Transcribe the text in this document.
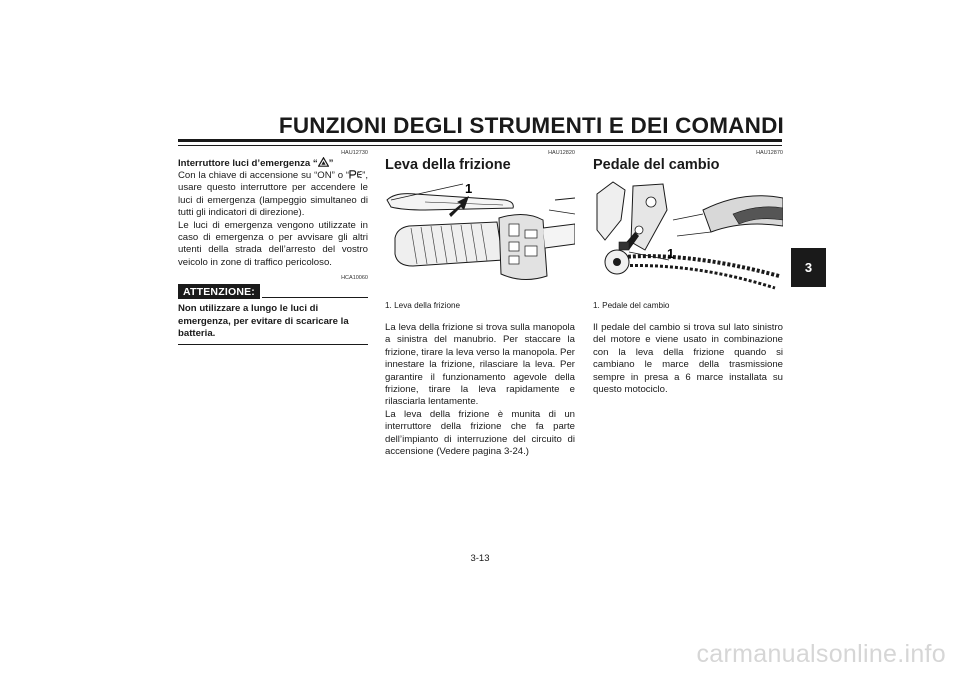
FUNZIONI DEGLI STRUMENTI E DEI COMANDI
3
HAU12730
Interruttore luci d’emergenza “ ”

Con la chiave di accensione su “ON” o “ ”, usare questo interruttore per accendere le luci di emergenza (lampeggio simultaneo di tutti gli indicatori di direzione).

Le luci di emergenza vengono utilizzate in caso di emergenza o per avvisare gli altri utenti della strada dell’arresto del vostro veicolo in zone di traffico pericoloso.

HCA10060
ATTENZIONE:
Non utilizzare a lungo le luci di emergenza, per evitare di scaricare la batteria.
HAU12820
Leva della frizione
1
1. Leva della frizione

La leva della frizione si trova sulla manopola a sinistra del manubrio. Per staccare la frizione, tirare la leva verso la manopola. Per innestare la frizione, rilasciare la leva. Per garantire il funzionamento agevole della frizione, tirare la leva rapidamente e rilasciarla lentamente.

La leva della frizione è munita di un interruttore della frizione che fa parte dell’impianto di interruzione del circuito di accensione (Vedere pagina 3-24.)

HAU12870
Pedale del cambio
1
1. Pedale del cambio

Il pedale del cambio si trova sul lato sinistro del motore e viene usato in combinazione con la leva della frizione quando si cambiano le marce della trasmissione sempre in presa a 6 marce installata su questo motociclo.

3-13
carmanualsonline.info
